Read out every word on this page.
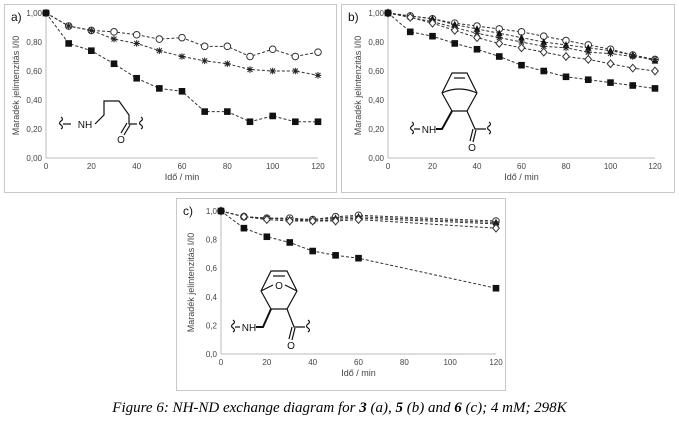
0,00
0,20
0,40
0,60
0,80
1,00
0	20	40	60	80	100	120
Idő / min
Maradék jelintenzitás I/I0
a)
NH
O
0,00
0,20
0,40
0,60
0,80
1,00
0	20	40	60	80	100	120
Idő / min
Maradék jelintenzitás I/I0
b)
O
NH
0,0
0,2
0,4
0,6
0,8
1,0
0	20	40	60	80	100	120
Idő / min
Maradék jelintenzitás I/I0
c)
O
O
NH
Figure 6: NH-ND exchange diagram for 3 (a), 5 (b) and 6 (c); 4 mM; 298K
